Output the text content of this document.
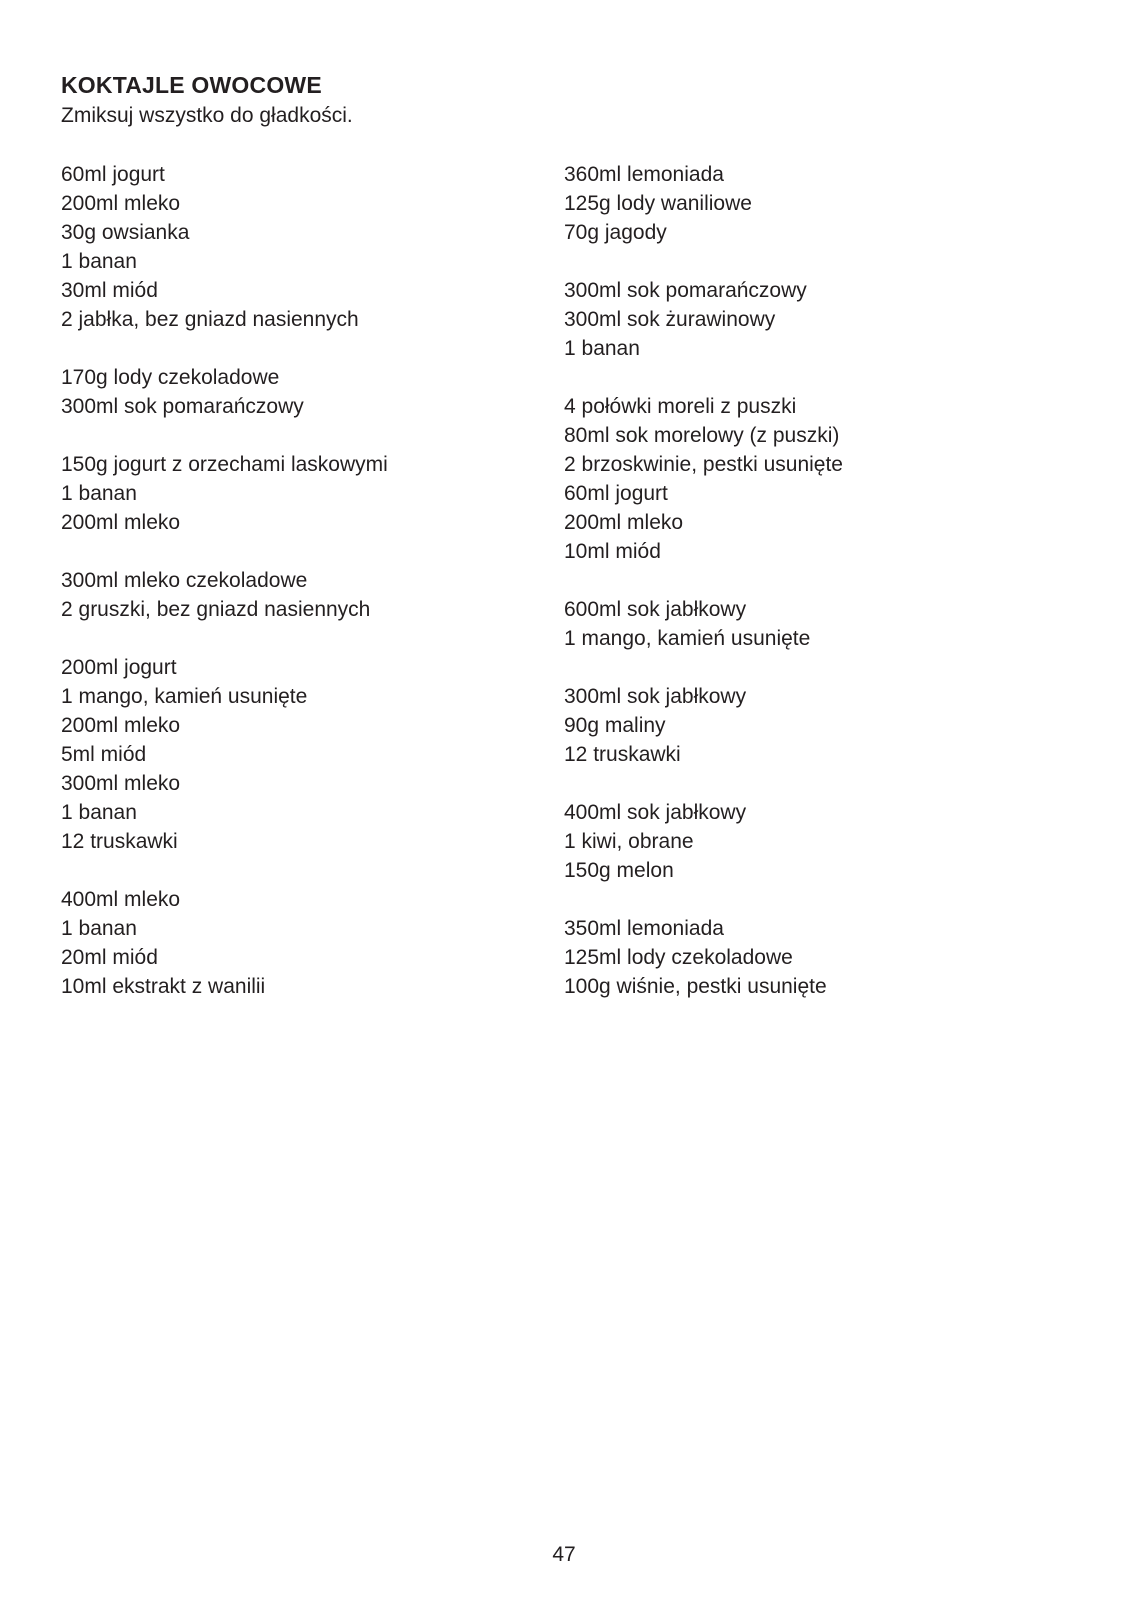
KOKTAJLE OWOCOWE

Zmiksuj wszystko do gładkości.

60ml jogurt
200ml mleko
30g owsianka
1 banan
30ml miód
2 jabłka, bez gniazd nasiennych
170g lody czekoladowe
300ml sok pomarańczowy
150g jogurt z orzechami laskowymi
1 banan
200ml mleko
300ml mleko czekoladowe
2 gruszki, bez gniazd nasiennych
200ml jogurt
1 mango, kamień usunięte
200ml mleko
5ml miód
300ml mleko
1 banan
12 truskawki
400ml mleko
1 banan
20ml miód
10ml ekstrakt z wanilii
360ml lemoniada
125g lody waniliowe
70g jagody
300ml sok pomarańczowy
300ml sok żurawinowy
1 banan
4 połówki moreli z puszki
80ml sok morelowy (z puszki)
2 brzoskwinie, pestki usunięte
60ml jogurt
200ml mleko
10ml miód
600ml sok jabłkowy
1 mango, kamień usunięte
300ml sok jabłkowy
90g maliny
12 truskawki
400ml sok jabłkowy
1 kiwi, obrane
150g melon
350ml lemoniada
125ml lody czekoladowe
100g wiśnie, pestki usunięte
47
